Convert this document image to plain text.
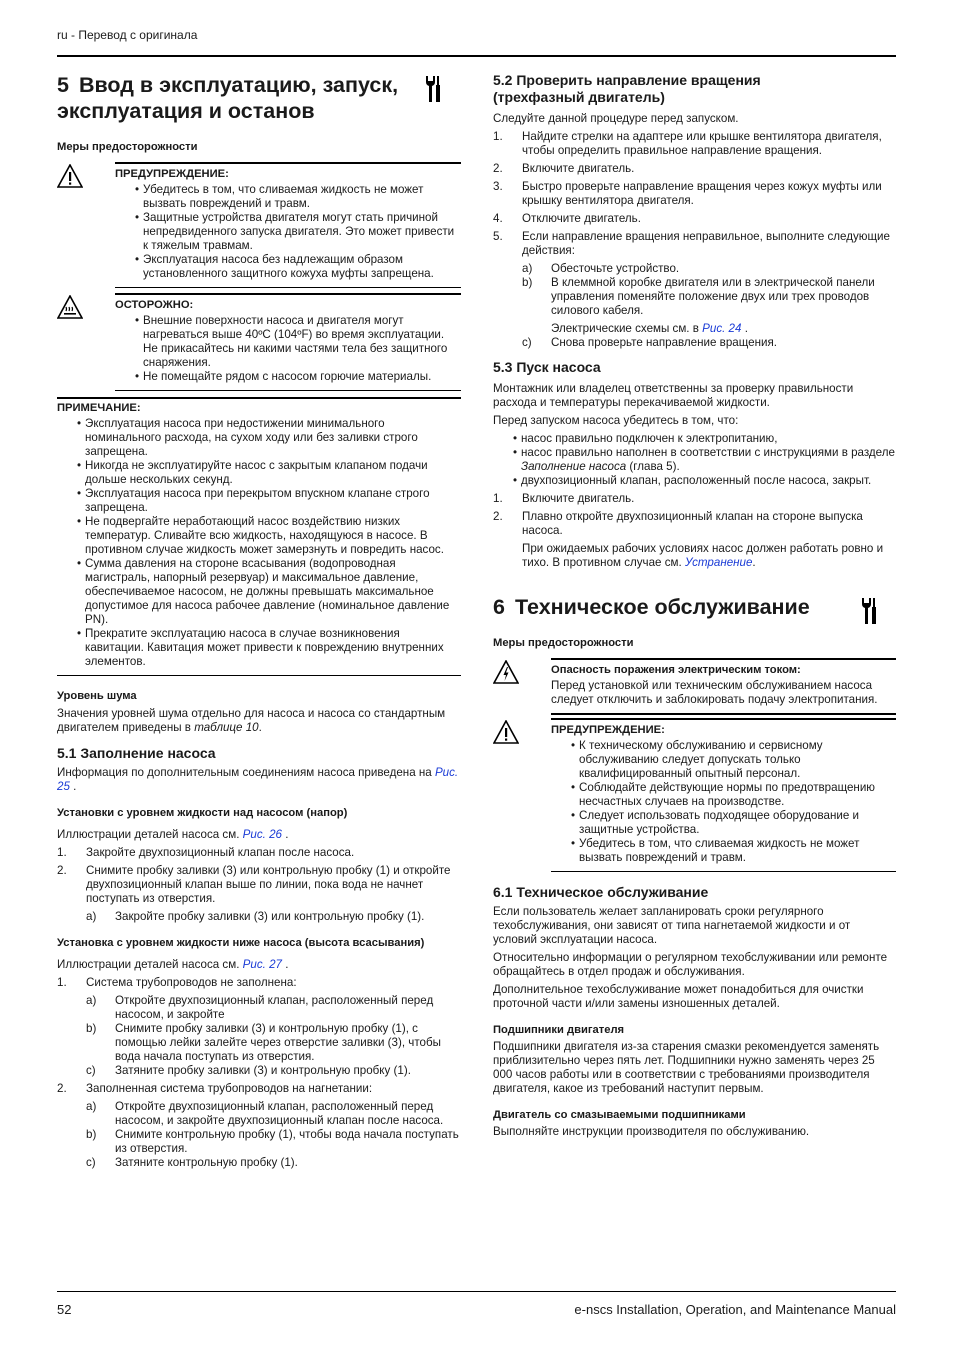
ru - Перевод с оригинала
5 Ввод в эксплуатацию, запуск,

эксплуатация и останов
Меры предосторожности
ПРЕДУПРЕЖДЕНИЕ:
• Убедитесь в том, что сливаемая жидкость не может вызвать повреждений и травм.
• Защитные устройства двигателя могут стать причиной непредвиденного запуска двигателя. Это может привести к тяжелым травмам.
• Эксплуатация насоса без надлежащим образом установленного защитного кожуха муфты запрещена.
ОСТОРОЖНО:
• Внешние поверхности насоса и двигателя могут нагреваться выше 40ºC (104ºF) во время эксплуатации. Не прикасайтесь ни какими частями тела без защитного снаряжения.
• Не помещайте рядом с насосом горючие материалы.
ПРИМЕЧАНИЕ:
• Эксплуатация насоса при недостижении минимального номинального расхода, на сухом ходу или без заливки строго запрещена.
• Никогда не эксплуатируйте насос с закрытым клапаном подачи дольше нескольких секунд.
• Эксплуатация насоса при перекрытом впускном клапане строго запрещена.
• Не подвергайте неработающий насос воздействию низких температур. Сливайте всю жидкость, находящуюся в насосе. В противном случае жидкость может замерзнуть и повредить насос.
• Сумма давления на стороне всасывания (водопроводная магистраль, напорный резервуар) и максимальное давление, обеспечиваемое насосом, не должны превышать максимальное допустимое для насоса рабочее давление (номинальное давление PN).
• Прекратите эксплуатацию насоса в случае возникновения кавитации. Кавитация может привести к повреждению внутренних элементов.
Уровень шума

Значения уровней шума отдельно для насоса и насоса со стандартным двигателем приведены в таблице 10.

5.1 Заполнение насоса

Информация по дополнительным соединениям насоса приведена на Рис. 25 .

Установки с уровнем жидкости над насосом (напор)

Иллюстрации деталей насоса см. Рис. 26 .

1. Закройте двухпозиционный клапан после насоса.
2. Снимите пробку заливки (3) или контрольную пробку (1) и откройте двухпозиционный клапан выше по линии, пока вода не начнет поступать из отверстия.
a) Закройте пробку заливки (3) или контрольную пробку (1).
Установка с уровнем жидкости ниже насоса (высота всасывания)

Иллюстрации деталей насоса см. Рис. 27 .

1. Система трубопроводов не заполнена:
a) Откройте двухпозиционный клапан, расположенный перед насосом, и закройте
b) Снимите пробку заливки (3) и контрольную пробку (1), с помощью лейки залейте через отверстие заливки (3), чтобы вода начала поступать из отверстия.
c) Затяните пробку заливки (3) и контрольную пробку (1).
2. Заполненная система трубопроводов на нагнетании:
a) Откройте двухпозиционный клапан, расположенный перед насосом, и закройте двухпозиционный клапан после насоса.
b) Снимите контрольную пробку (1), чтобы вода начала поступать из отверстия.
c) Затяните контрольную пробку (1).
5.2 Проверить направление вращения
(трехфазный двигатель)

Следуйте данной процедуре перед запуском.

1. Найдите стрелки на адаптере или крышке вентилятора двигателя, чтобы определить правильное направление вращения.
2. Включите двигатель.
3. Быстро проверьте направление вращения через кожух муфты или крышку вентилятора двигателя.
4. Отключите двигатель.
5. Если направление вращения неправильное, выполните следующие действия:
a) Обесточьте устройство.
b) В клеммной коробке двигателя или в электрической панели управления поменяйте положение двух или трех проводов силового кабеля.
Электрические схемы см. в Рис. 24 .
c) Снова проверьте направление вращения.
5.3 Пуск насоса

Монтажник или владелец ответственны за проверку правильности расхода и температуры перекачиваемой жидкости.

Перед запуском насоса убедитесь в том, что:

• насос правильно подключен к электропитанию,
• насос правильно наполнен в соответствии с инструкциями в разделе Заполнение насоса (глава 5).
• двухпозиционный клапан, расположенный после насоса, закрыт.
1. Включите двигатель.
2. Плавно откройте двухпозиционный клапан на стороне выпуска насоса.
При ожидаемых рабочих условиях насос должен работать ровно и тихо. В противном случае см. Устранение.
6 Техническое обслуживание
Меры предосторожности
Опасность поражения электрическим током:
Перед установкой или техническим обслуживанием насоса следует отключить и заблокировать подачу электропитания.
ПРЕДУПРЕЖДЕНИЕ:
• К техническому обслуживанию и сервисному обслуживанию следует допускать только квалифицированный опытный персонал.
• Соблюдайте действующие нормы по предотвращению несчастных случаев на производстве.
• Следует использовать подходящее оборудование и защитные устройства.
• Убедитесь в том, что сливаемая жидкость не может вызвать повреждений и травм.
6.1 Техническое обслуживание

Если пользователь желает запланировать сроки регулярного техобслуживания, они зависят от типа нагнетаемой жидкости и от условий эксплуатации насоса.

Относительно информации о регулярном техобслуживании или ремонте обращайтесь в отдел продаж и обслуживания.

Дополнительное техобслуживание может понадобиться для очистки проточной части и/или замены изношенных деталей.

Подшипники двигателя

Подшипники двигателя из-за старения смазки рекомендуется заменять приблизительно через пять лет. Подшипники нужно заменять через 25 000 часов работы или в соответствии с требованиями производителя двигателя, какое из требований наступит первым.

Двигатель со смазываемыми подшипниками

Выполняйте инструкции производителя по обслуживанию.

52	e-nscs Installation, Operation, and Maintenance Manual
